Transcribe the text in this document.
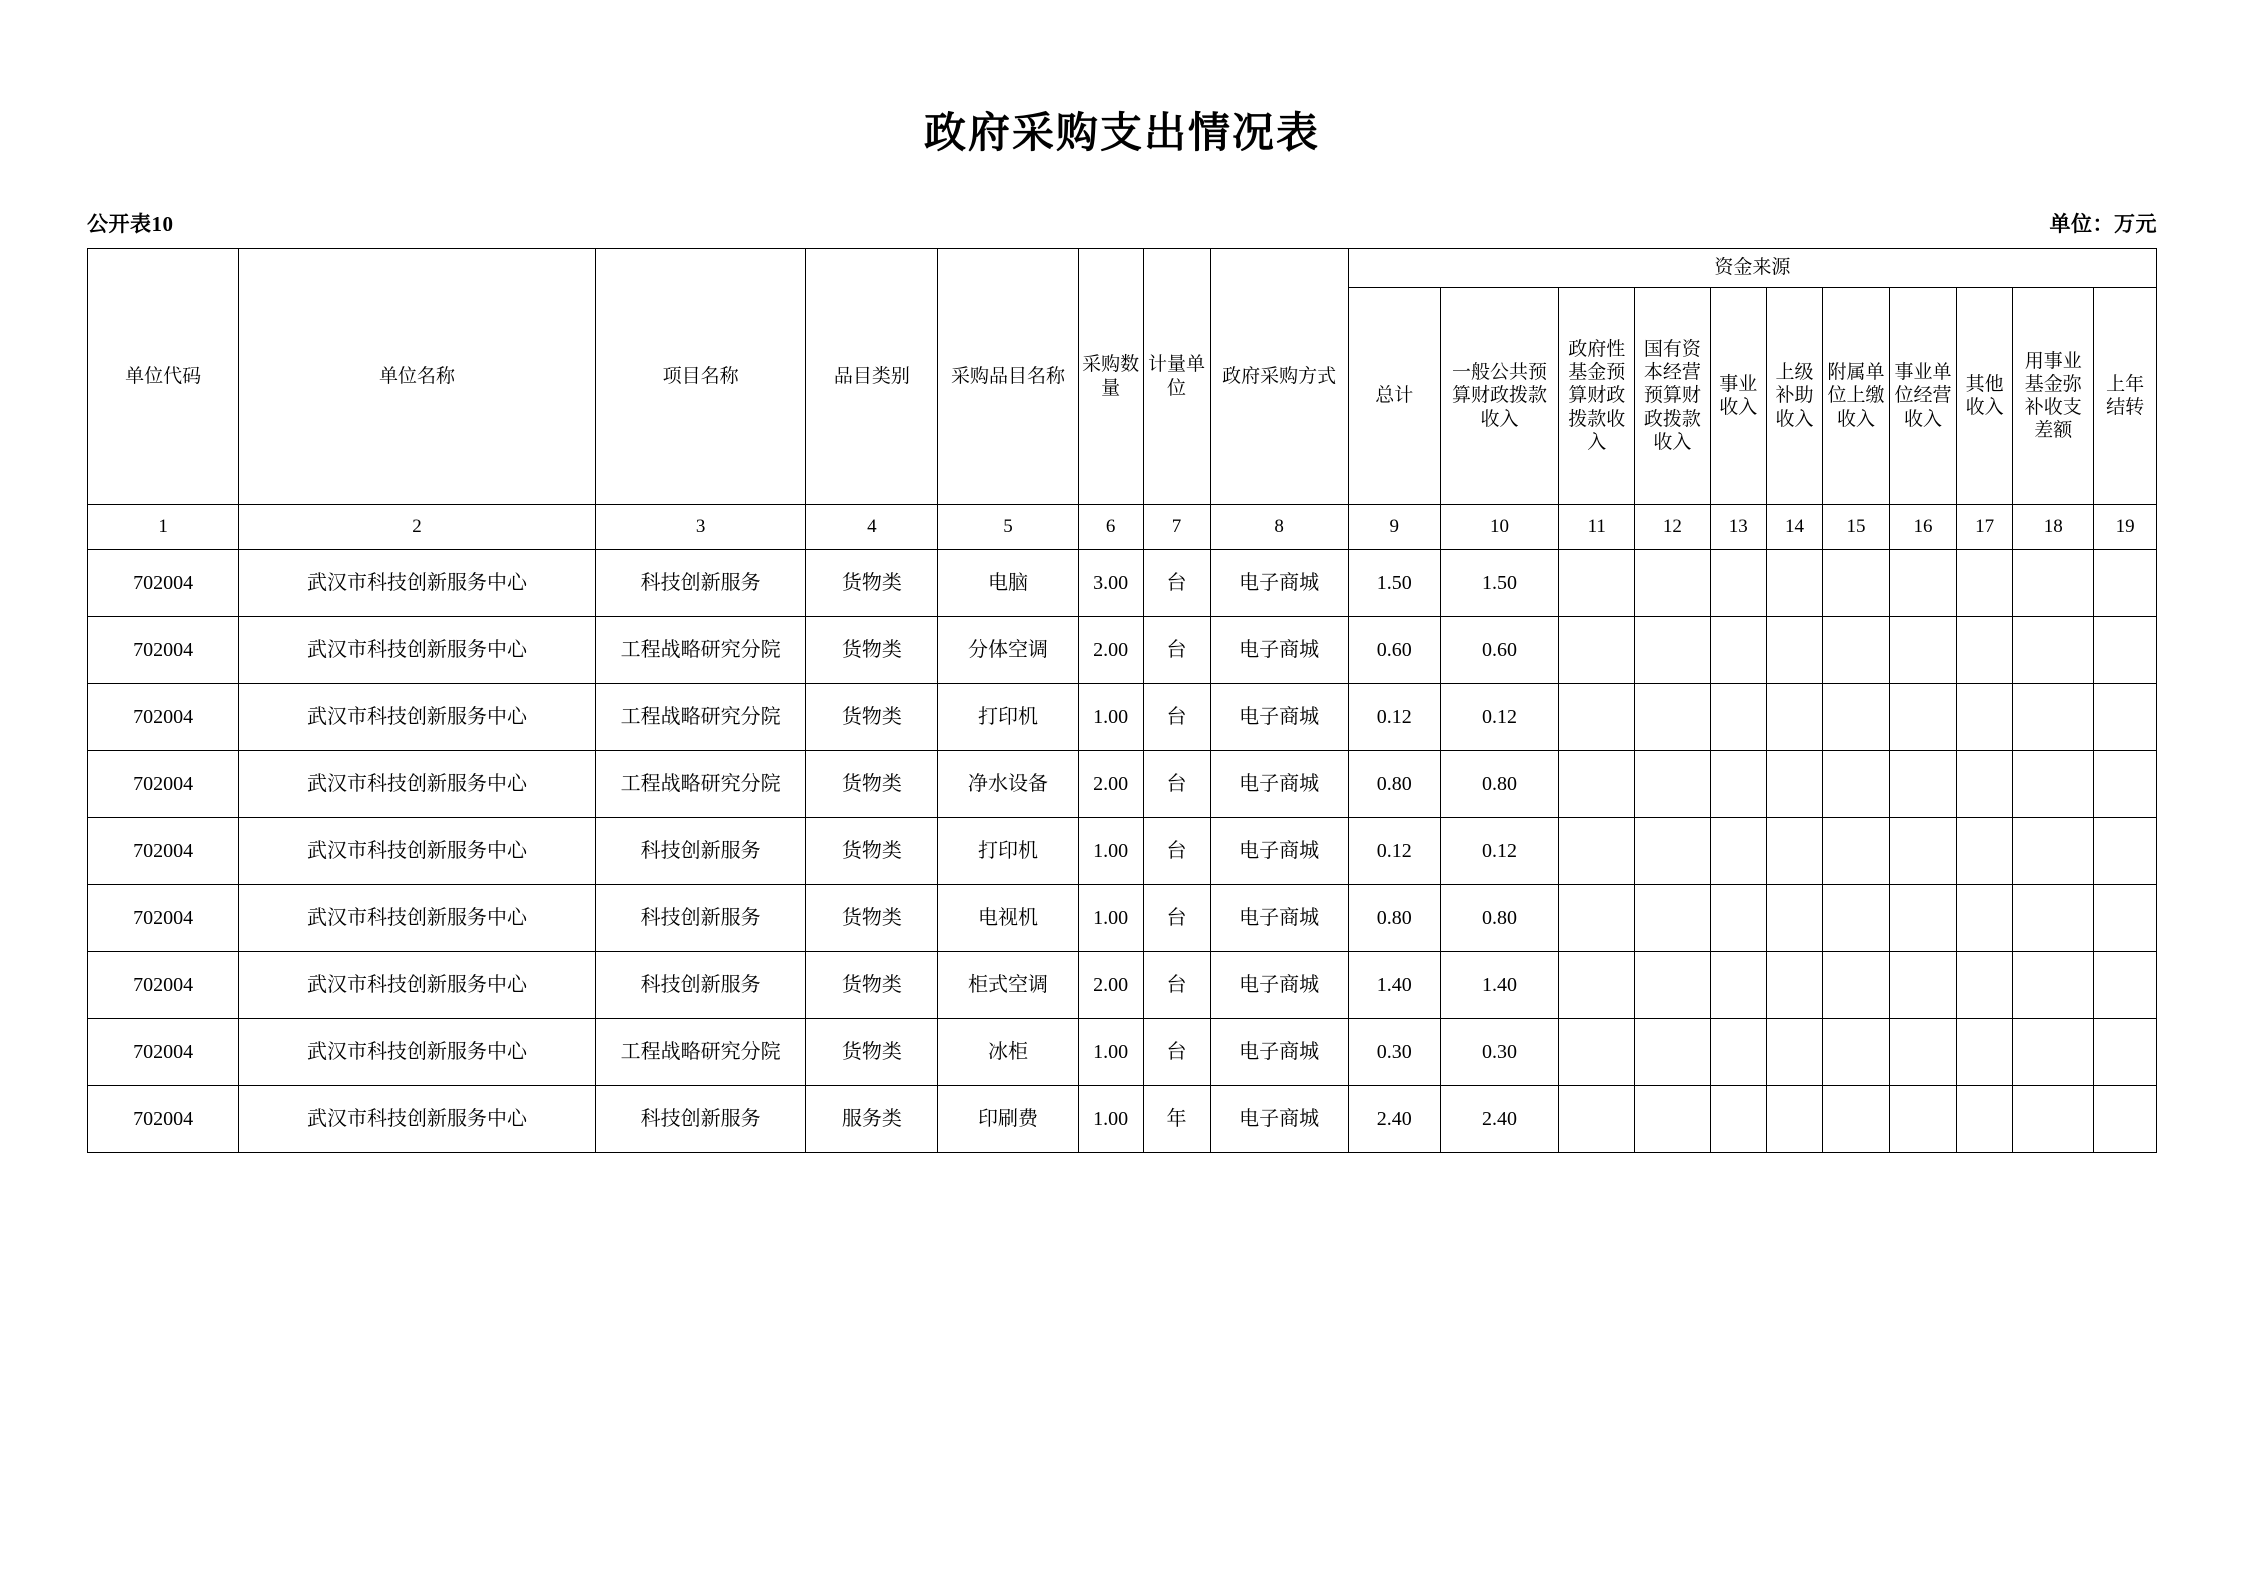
政府采购支出情况表
公开表10	单位：万元
单位代码	单位名称	项目名称	品目类别	采购品目名称	采购数量	计量单位	政府采购方式	资金来源										
								总计	一般公共预算财政拨款收入	政府性基金预算财政拨款收入	国有资本经营预算财政拨款收入	事业收入	上级补助收入	附属单位上缴收入	事业单位经营收入	其他收入	用事业基金弥补收支差额	上年结转
1	2	3	4	5	6	7	8	9	10	11	12	13	14	15	16	17	18	19
702004	武汉市科技创新服务中心	科技创新服务	货物类	电脑	3.00	台	电子商城	1.50	1.50									
702004	武汉市科技创新服务中心	工程战略研究分院	货物类	分体空调	2.00	台	电子商城	0.60	0.60									
702004	武汉市科技创新服务中心	工程战略研究分院	货物类	打印机	1.00	台	电子商城	0.12	0.12									
702004	武汉市科技创新服务中心	工程战略研究分院	货物类	净水设备	2.00	台	电子商城	0.80	0.80									
702004	武汉市科技创新服务中心	科技创新服务	货物类	打印机	1.00	台	电子商城	0.12	0.12									
702004	武汉市科技创新服务中心	科技创新服务	货物类	电视机	1.00	台	电子商城	0.80	0.80									
702004	武汉市科技创新服务中心	科技创新服务	货物类	柜式空调	2.00	台	电子商城	1.40	1.40									
702004	武汉市科技创新服务中心	工程战略研究分院	货物类	冰柜	1.00	台	电子商城	0.30	0.30									
702004	武汉市科技创新服务中心	科技创新服务	服务类	印刷费	1.00	年	电子商城	2.40	2.40									
